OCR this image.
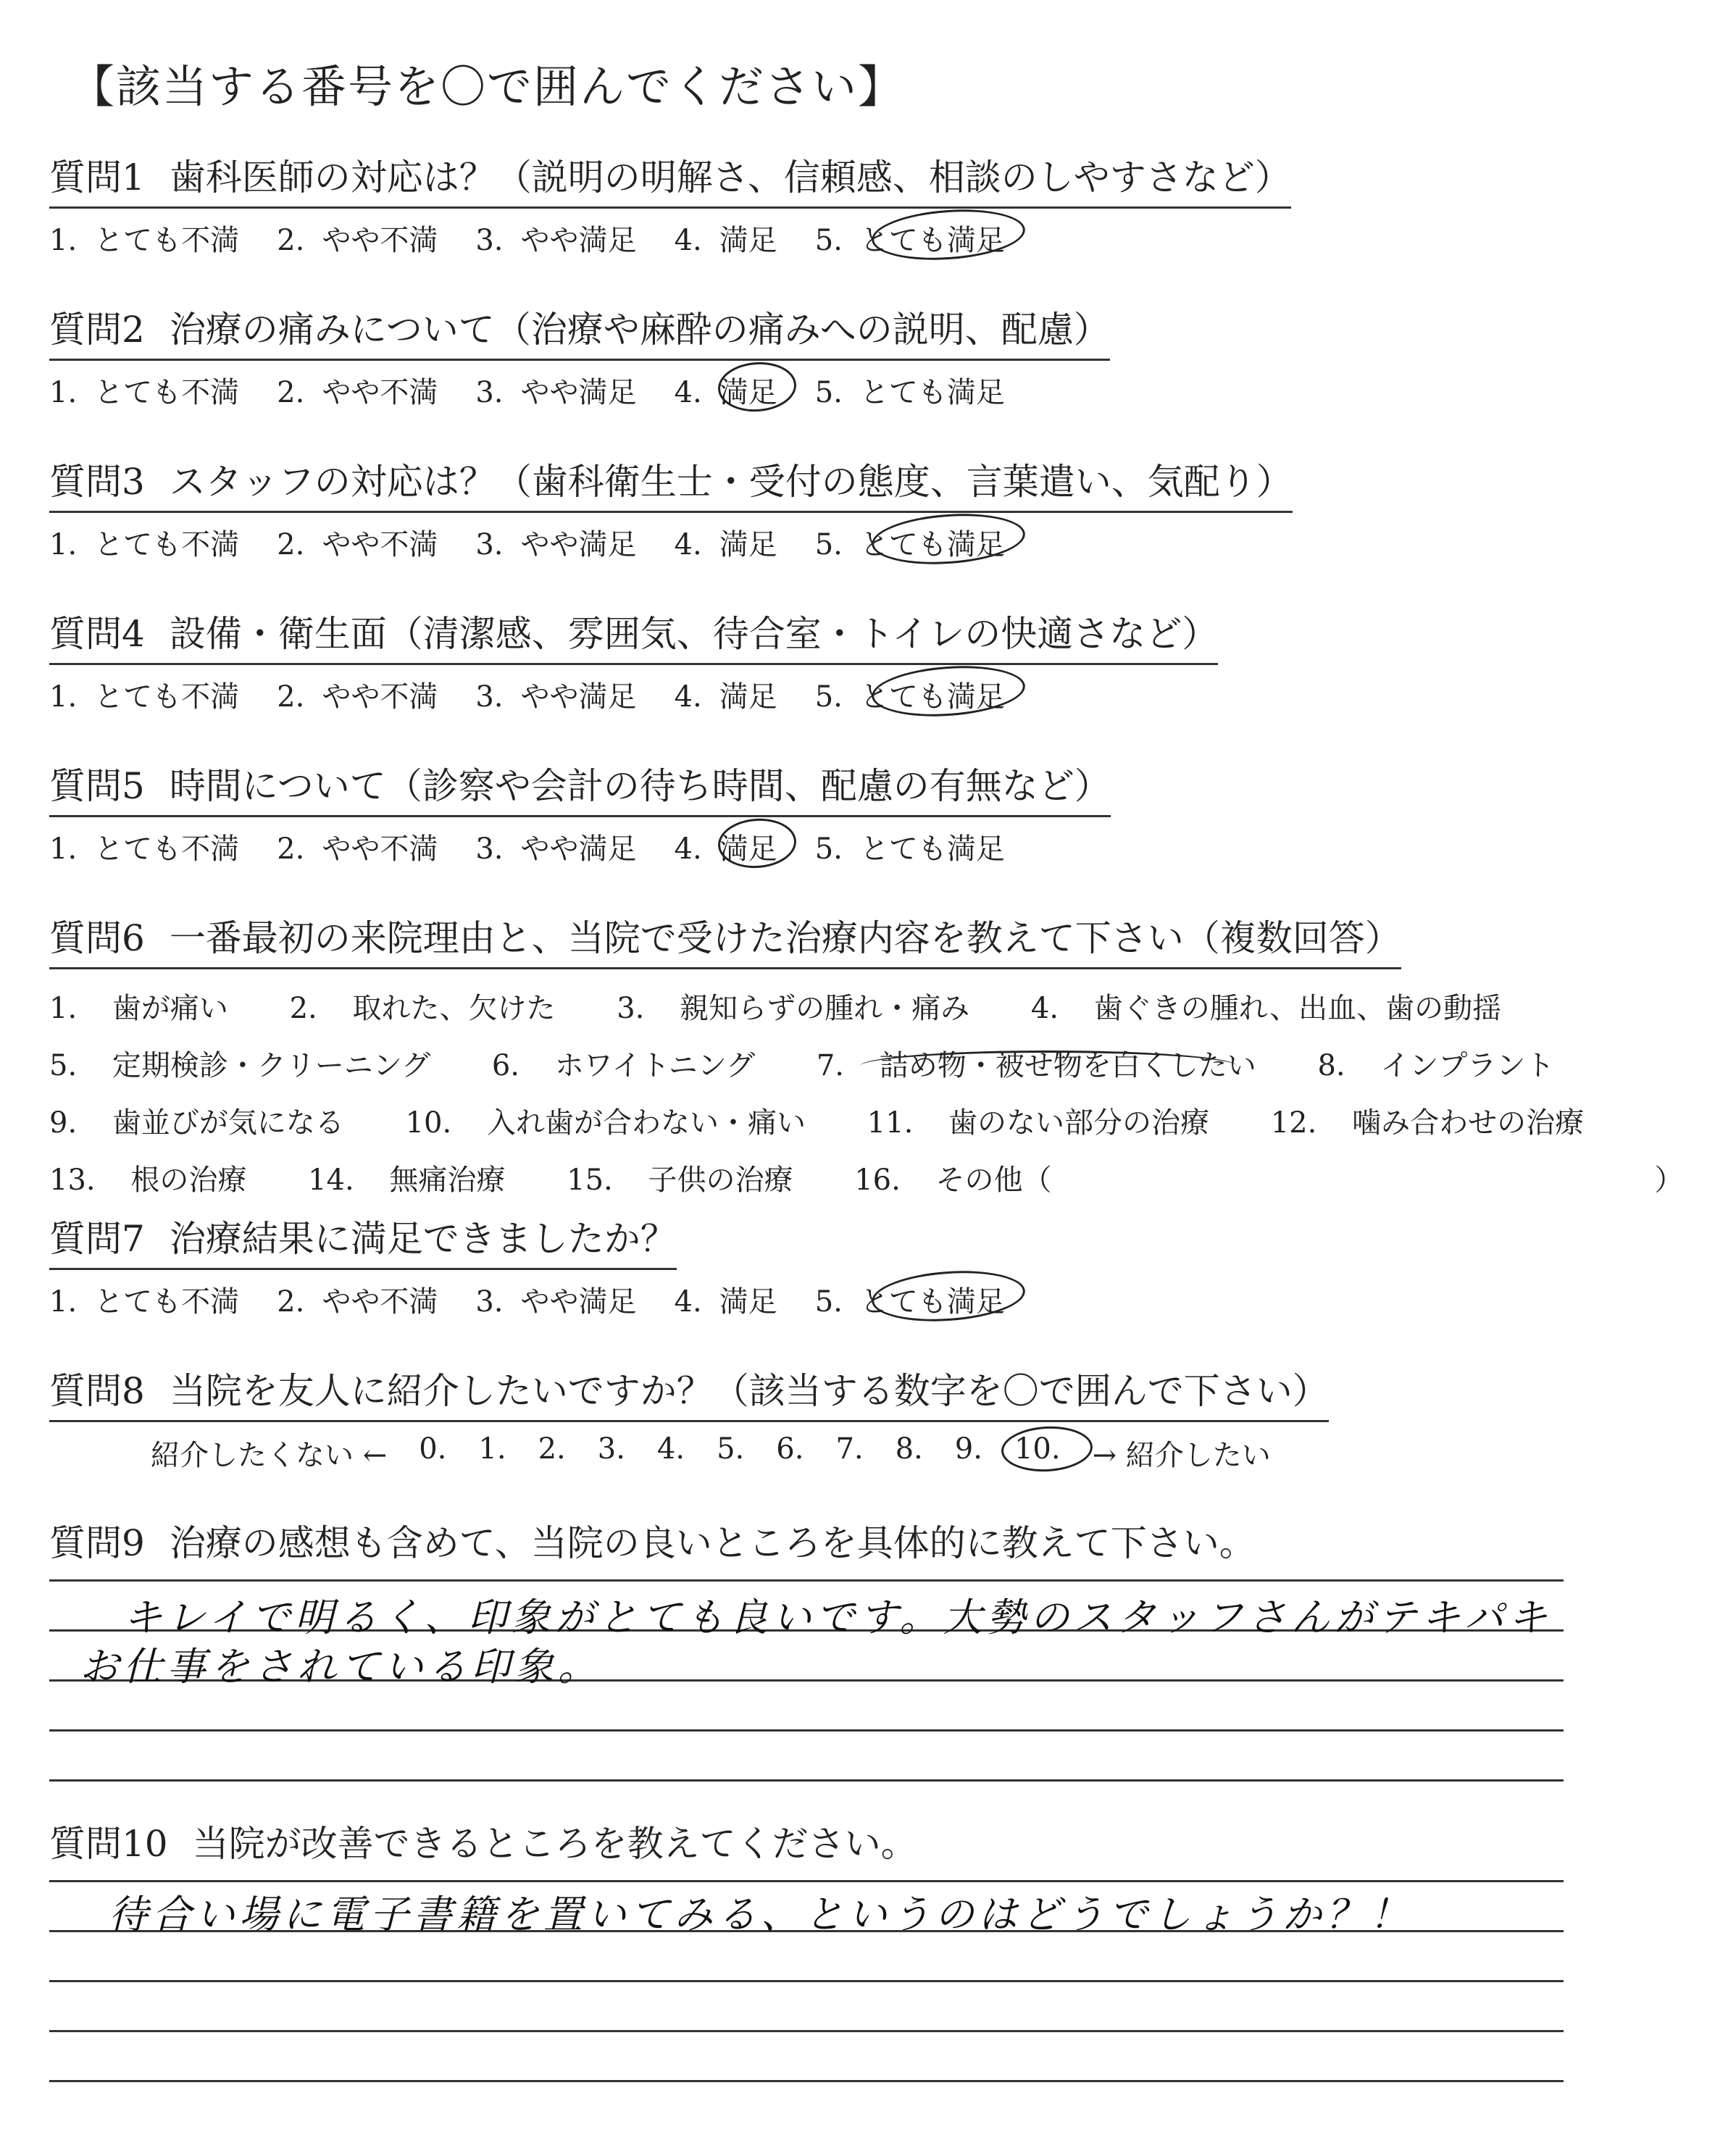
【該当する番号を〇で囲んでください】
質問1 歯科医師の対応は？（説明の明解さ、信頼感、相談のしやすさなど）
1. とても不満	2. やや不満	3. やや満足	4. 満足	5. とても満足
質問2 治療の痛みについて（治療や麻酔の痛みへの説明、配慮）
1. とても不満	2. やや不満	3. やや満足	4. 満足	5. とても満足
質問3 スタッフの対応は？（歯科衛生士・受付の態度、言葉遣い、気配り）
1. とても不満	2. やや不満	3. やや満足	4. 満足	5. とても満足
質問4 設備・衛生面（清潔感、雰囲気、待合室・トイレの快適さなど）
1. とても不満	2. やや不満	3. やや満足	4. 満足	5. とても満足
質問5 時間について（診察や会計の待ち時間、配慮の有無など）
1. とても不満	2. やや不満	3. やや満足	4. 満足	5. とても満足
質問6 一番最初の来院理由と、当院で受けた治療内容を教えて下さい（複数回答）
1. 歯が痛い 2. 取れた、欠けた 3. 親知らずの腫れ・痛み 4. 歯ぐきの腫れ、出血、歯の動揺
5. 定期検診・クリーニング 6. ホワイトニング 7. 詰め物・被せ物を白くしたい 8. インプラント
9. 歯並びが気になる 10. 入れ歯が合わない・痛い 11. 歯のない部分の治療 12. 噛み合わせの治療
13. 根の治療 14. 無痛治療 15. 子供の治療 16. その他（	）
質問7 治療結果に満足できましたか？
1. とても不満	2. やや不満	3. やや満足	4. 満足	5. とても満足
質問8 当院を友人に紹介したいですか？（該当する数字を〇で囲んで下さい）
紹介したくない ← 0. 1. 2. 3. 4. 5. 6. 7. 8. 9. 10. → 紹介したい
質問9 治療の感想も含めて、当院の良いところを具体的に教えて下さい。
キレイで明るく、印象がとても良いです。大勢のスタッフさんがテキパキ
お仕事をされている印象。
質問10 当院が改善できるところを教えてください。
待合い場に電子書籍を置いてみる、というのはどうでしょうか？！
